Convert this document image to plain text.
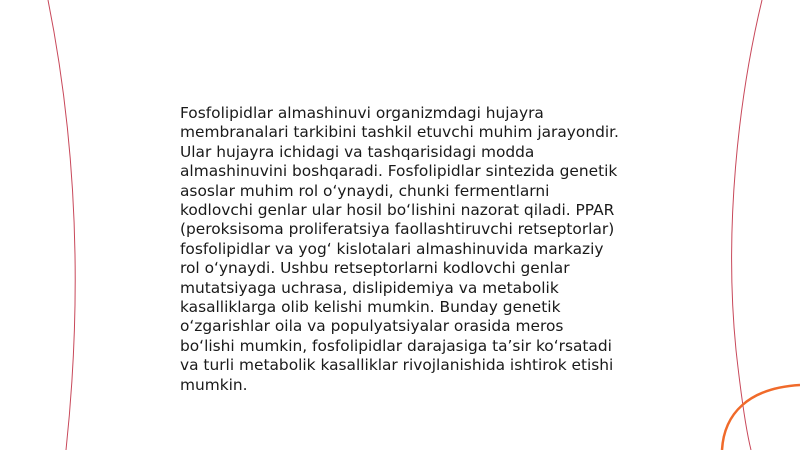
Fosfolipidlar almashinuvi organizmdagi hujayra membranalari tarkibini tashkil etuvchi muhim jarayondir. Ular hujayra ichidagi va tashqarisidagi modda almashinuvini boshqaradi. Fosfolipidlar sintezida genetik asoslar muhim rol oʻynaydi, chunki fermentlarni kodlovchi genlar ular hosil boʻlishini nazorat qiladi. PPAR (peroksisoma proliferatsiya faollashtiruvchi retseptorlar) fosfolipidlar va yogʻ kislotalari almashinuvida markaziy rol oʻynaydi. Ushbu retseptorlarni kodlovchi genlar mutatsiyaga uchrasa, dislipidemiya va metabolik kasalliklarga olib kelishi mumkin. Bunday genetik oʻzgarishlar oila va populyatsiyalar orasida meros boʻlishi mumkin, fosfolipidlar darajasiga taʼsir koʻrsatadi va turli metabolik kasalliklar rivojlanishida ishtirok etishi mumkin.
